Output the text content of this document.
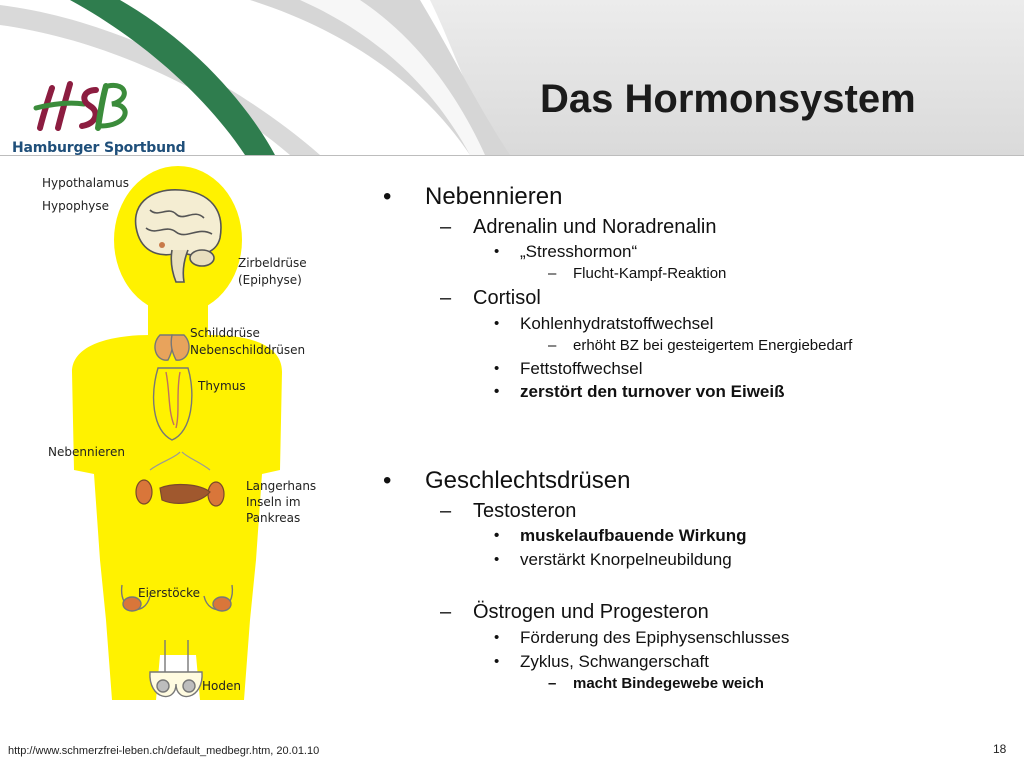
Das Hormonsystem
Hamburger Sportbund
Hypothalamus
Hypophyse
Zirbeldrüse
(Epiphyse)
Schilddrüse
Nebenschilddrüsen
Thymus
Nebennieren
Langerhans
Inseln im
Pankreas
Eierstöcke
Hoden
• Nebennieren
– Adrenalin und Noradrenalin
• „Stresshormon“
– Flucht-Kampf-Reaktion
– Cortisol
• Kohlenhydratstoffwechsel
– erhöht BZ bei gesteigertem Energiebedarf
• Fettstoffwechsel
• zerstört den turnover von Eiweiß
• Geschlechtsdrüsen
– Testosteron
• muskelaufbauende Wirkung
• verstärkt Knorpelneubildung
– Östrogen und Progesteron
• Förderung des Epiphysenschlusses
• Zyklus, Schwangerschaft
– macht Bindegewebe weich
http://www.schmerzfrei-leben.ch/default_medbegr.htm, 20.01.10	18
